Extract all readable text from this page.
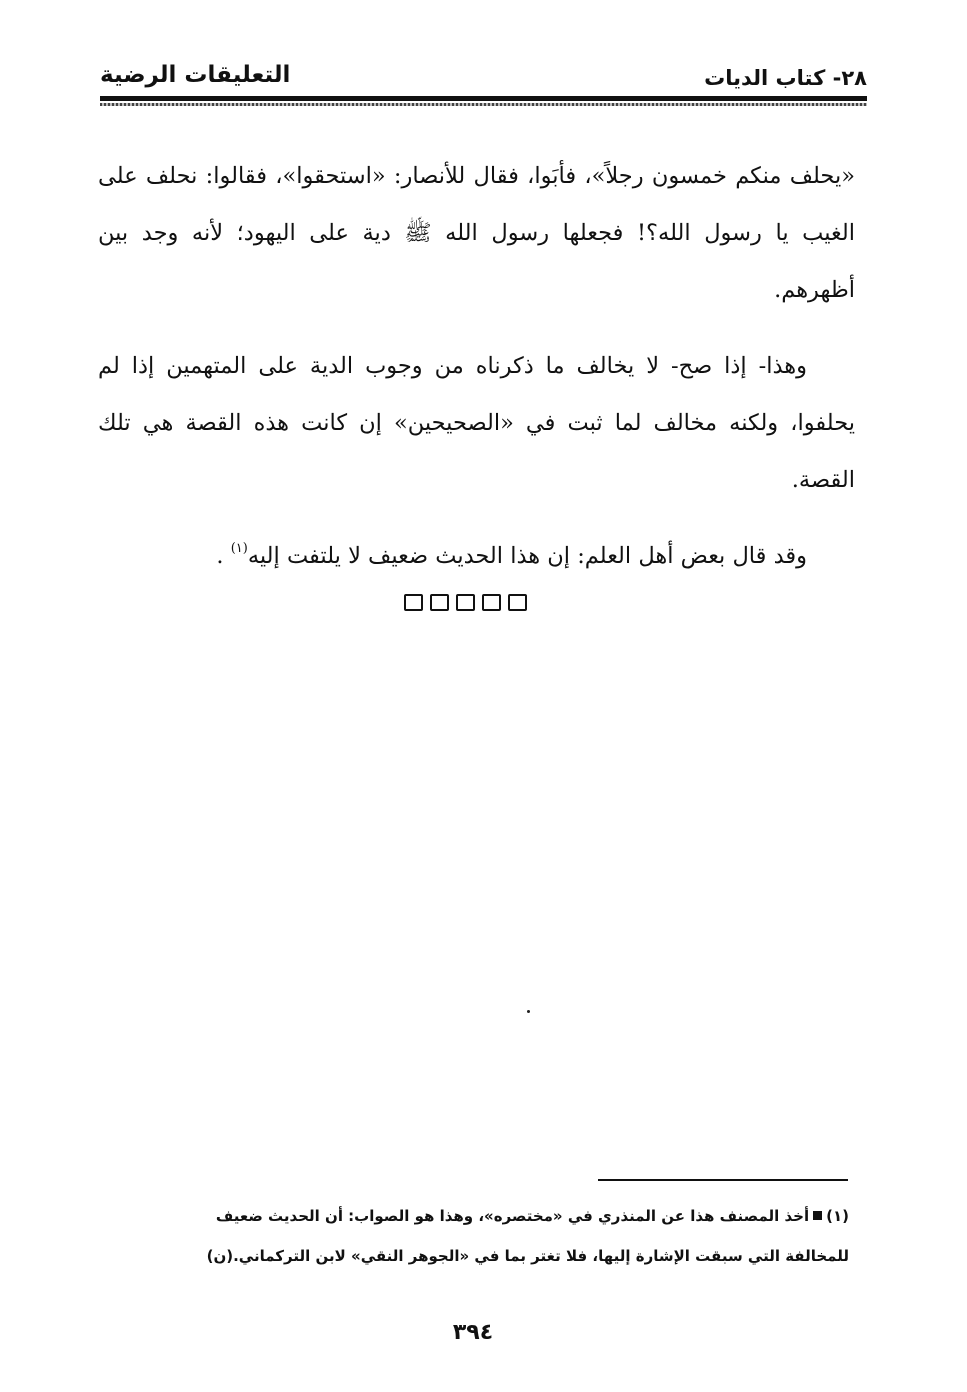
٢٨- كتاب الديات
التعليقات الرضية

«يحلف منكم خمسون رجلاً»، فأبَوا، فقال للأنصار: «استحقوا»، فقالوا: نحلف على الغيب يا رسول الله؟! فجعلها رسول الله ﷺ دية على اليهود؛ لأنه وجد بين أظهرهم.

وهذا- إذا صح- لا يخالف ما ذكرناه من وجوب الدية على المتهمين إذا لم يحلفوا، ولكنه مخالف لما ثبت في «الصحيحين» إن كانت هذه القصة هي تلك القصة.

وقد قال بعض أهل العلم: إن هذا الحديث ضعيف لا يلتفت إليه$^{(١)}$ .

(١)أخذ المصنف هذا عن المنذري في «مختصره»، وهذا هو الصواب: أن الحديث ضعيف

للمخالفة التي سبقت الإشارة إليها، فلا تغتر بما في «الجوهر النقي» لابن التركماني.(ن)

٣٩٤
